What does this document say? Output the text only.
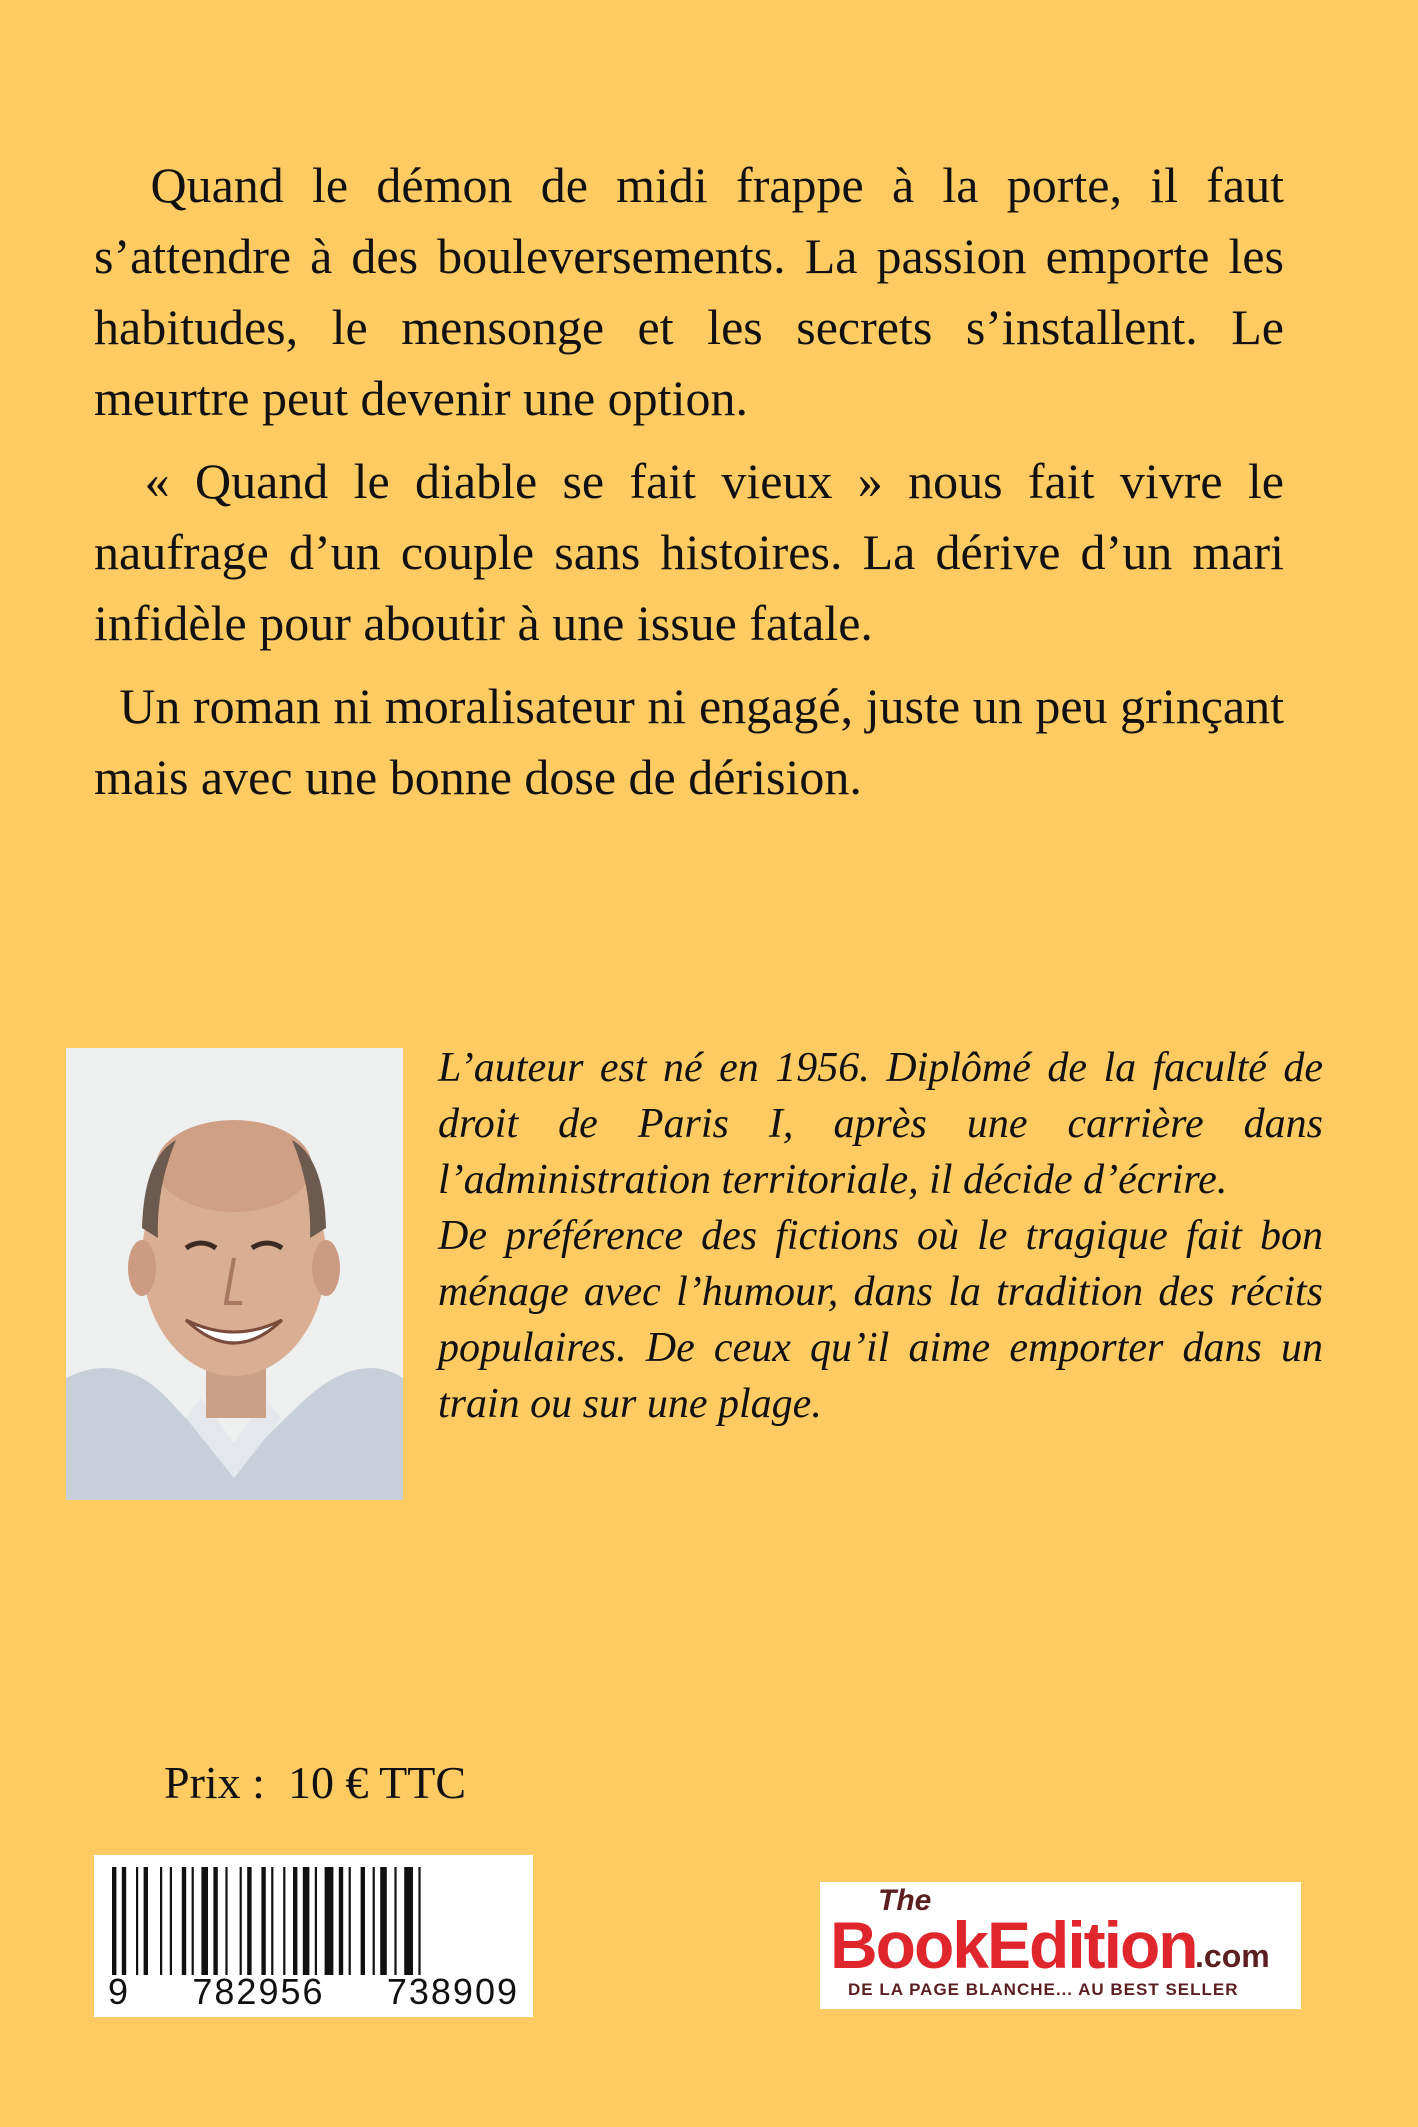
Quand le démon de midi frappe à la porte, il faut s’attendre à des bouleversements. La passion emporte les habitudes, le mensonge et les secrets s’installent. Le meurtre peut devenir une option.

« Quand le diable se fait vieux » nous fait vivre le naufrage d’un couple sans histoires. La dérive d’un mari infidèle pour aboutir à une issue fatale.

Un roman ni moralisateur ni engagé, juste un peu grinçant mais avec une bonne dose de dérision.

L’auteur est né en 1956. Diplômé de la faculté de droit de Paris I, après une carrière dans l’administration territoriale, il décide d’écrire.

De préférence des fictions où le tragique fait bon ménage avec l’humour, dans la tradition des récits populaires. De ceux qu’il aime emporter dans un train ou sur une plage.

Prix :  10 € TTC
9 782956 738909
The
BookEdition
.com
DE LA PAGE BLANCHE... AU BEST SELLER
